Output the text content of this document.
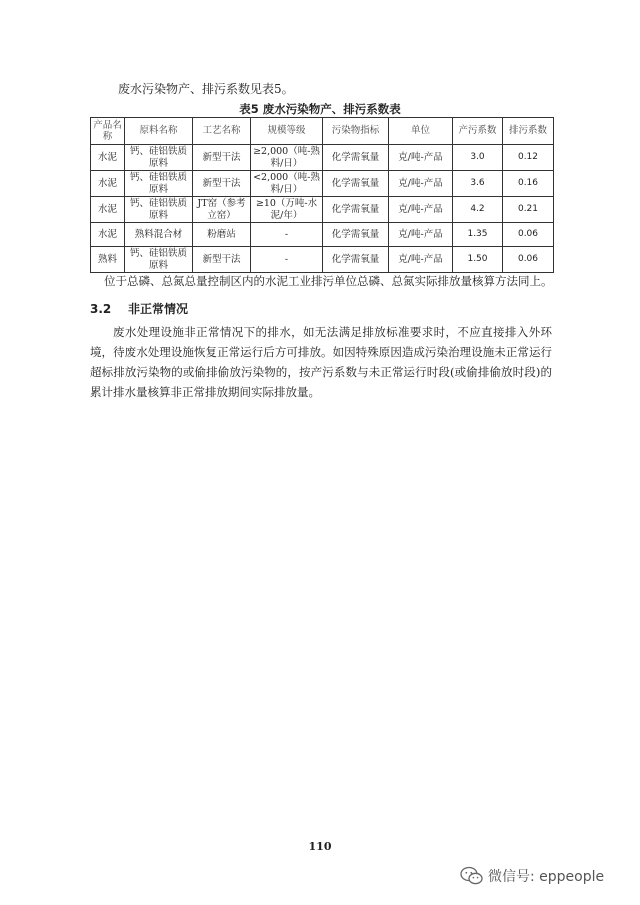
废水污染物产、排污系数见表5。
表5 废水污染物产、排污系数表
产品名称	原料名称	工艺名称	规模等级	污染物指标	单位	产污系数	排污系数
水泥	钙、硅铝铁质原料	新型干法	≥2,000（吨-熟料/日）	化学需氧量	克/吨-产品	3.0	0.12
水泥	钙、硅铝铁质原料	新型干法	<2,000（吨-熟料/日）	化学需氧量	克/吨-产品	3.6	0.16
水泥	钙、硅铝铁质原料	JT窑（参考立窑）	≥10（万吨-水泥/年）	化学需氧量	克/吨-产品	4.2	0.21
水泥	熟料混合材	粉磨站	-	化学需氧量	克/吨-产品	1.35	0.06
熟料	钙、硅铝铁质原料	新型干法	-	化学需氧量	克/吨-产品	1.50	0.06
位于总磷、总氮总量控制区内的水泥工业排污单位总磷、总氮实际排放量核算方法同上。
3.2 非正常情况
废水处理设施非正常情况下的排水，如无法满足排放标准要求时，不应直接排入外环境，待废水处理设施恢复正常运行后方可排放。如因特殊原因造成污染治理设施未正常运行超标排放污染物的或偷排偷放污染物的，按产污系数与未正常运行时段(或偷排偷放时段)的累计排水量核算非正常排放期间实际排放量。
110
微信号: eppeople
